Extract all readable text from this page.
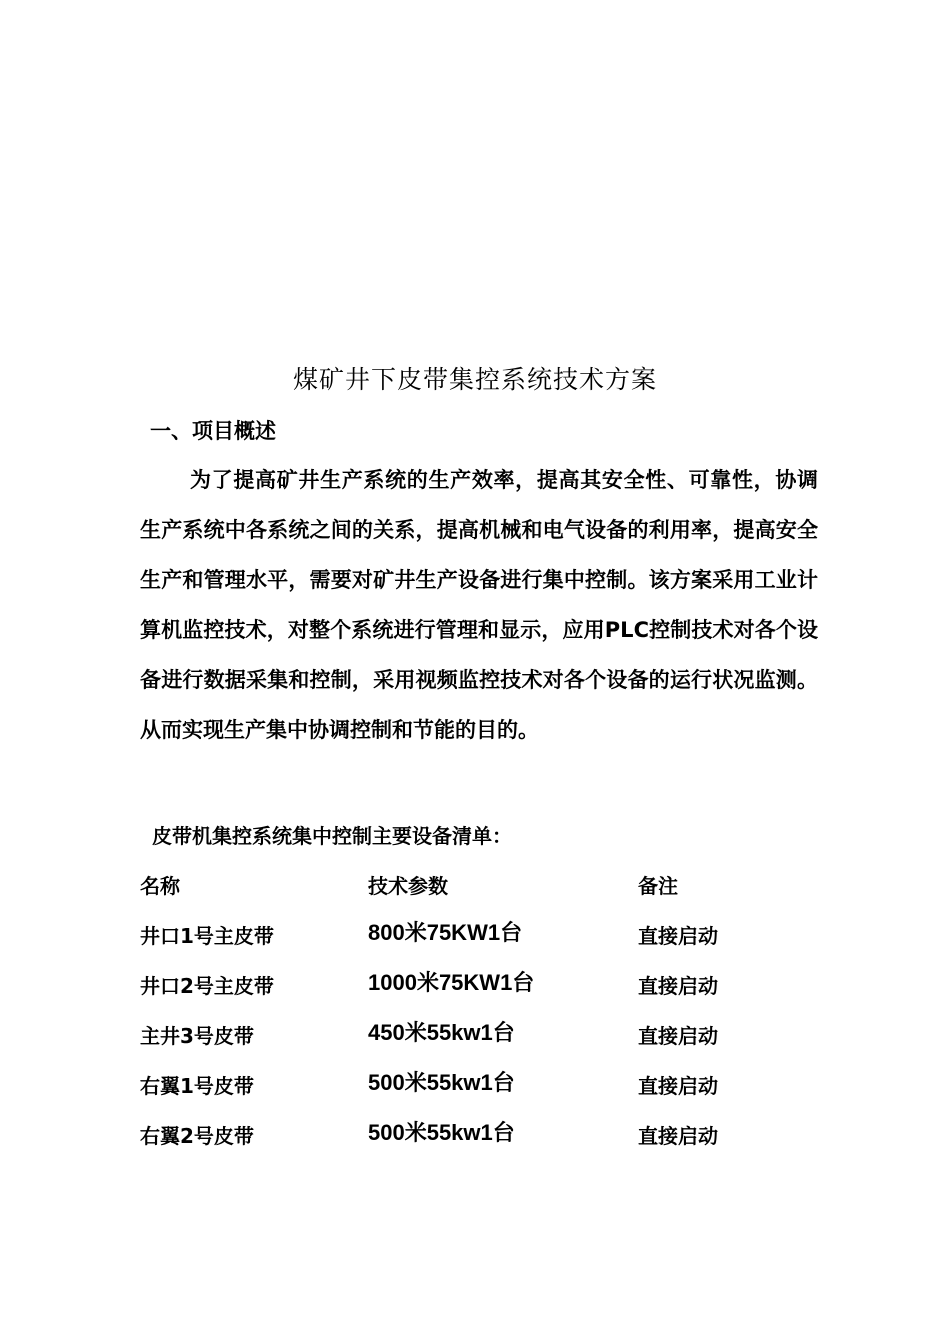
煤矿井下皮带集控系统技术方案
一、项目概述

为了提高矿井生产系统的生产效率，提高其安全性、可靠性，协调生产系统中各系统之间的关系，提高机械和电气设备的利用率，提高安全生产和管理水平，需要对矿井生产设备进行集中控制。该方案采用工业计算机监控技术，对整个系统进行管理和显示，应用PLC控制技术对各个设备进行数据采集和控制，采用视频监控技术对各个设备的运行状况监测。从而实现生产集中协调控制和节能的目的。

皮带机集控系统集中控制主要设备清单：

名称	技术参数	备注
井口1号主皮带	800米75KW1台	直接启动
井口2号主皮带	1000米75KW1台	直接启动
主井3号皮带	450米55kw1台	直接启动
右翼1号皮带	500米55kw1台	直接启动
右翼2号皮带	500米55kw1台	直接启动
